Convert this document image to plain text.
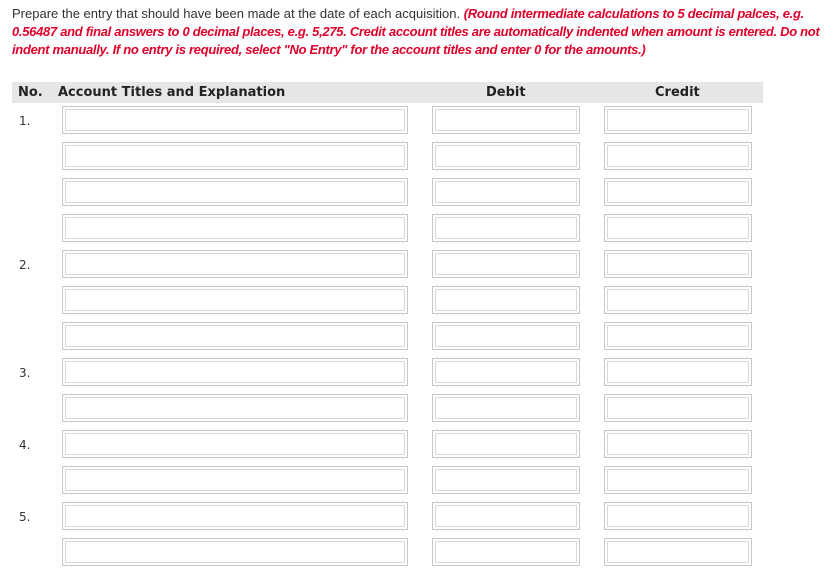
Prepare the entry that should have been made at the date of each acquisition. (Round intermediate calculations to 5 decimal palces, e.g. 0.56487 and final answers to 0 decimal places, e.g. 5,275. Credit account titles are automatically indented when amount is entered. Do not indent manually. If no entry is required, select "No Entry" for the account titles and enter 0 for the amounts.)
No. Account Titles and Explanation	Debit	Credit
1.
2.
3.
4.
5.
